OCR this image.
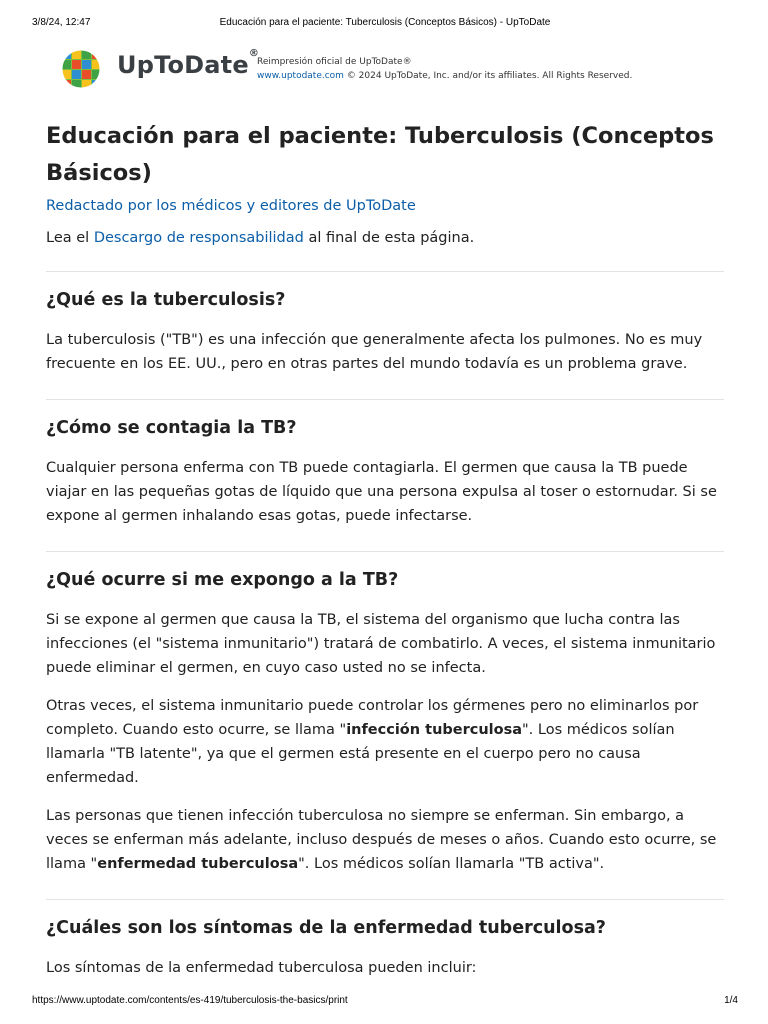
3/8/24, 12:47	Educación para el paciente: Tuberculosis (Conceptos Básicos) - UpToDate
UpToDate®
Reimpresión oficial de UpToDate®
www.uptodate.com © 2024 UpToDate, Inc. and/or its affiliates. All Rights Reserved.
Educación para el paciente: Tuberculosis (Conceptos Básicos)
Redactado por los médicos y editores de UpToDate
Lea el Descargo de responsabilidad al final de esta página.
¿Qué es la tuberculosis?

La tuberculosis ("TB") es una infección que generalmente afecta los pulmones. No es muy frecuente en los EE. UU., pero en otras partes del mundo todavía es un problema grave.

¿Cómo se contagia la TB?

Cualquier persona enferma con TB puede contagiarla. El germen que causa la TB puede viajar en las pequeñas gotas de líquido que una persona expulsa al toser o estornudar. Si se expone al germen inhalando esas gotas, puede infectarse.

¿Qué ocurre si me expongo a la TB?

Si se expone al germen que causa la TB, el sistema del organismo que lucha contra las infecciones (el "sistema inmunitario") tratará de combatirlo. A veces, el sistema inmunitario puede eliminar el germen, en cuyo caso usted no se infecta.

Otras veces, el sistema inmunitario puede controlar los gérmenes pero no eliminarlos por completo. Cuando esto ocurre, se llama "infección tuberculosa". Los médicos solían llamarla "TB latente", ya que el germen está presente en el cuerpo pero no causa enfermedad.

Las personas que tienen infección tuberculosa no siempre se enferman. Sin embargo, a veces se enferman más adelante, incluso después de meses o años. Cuando esto ocurre, se llama "enfermedad tuberculosa". Los médicos solían llamarla "TB activa".

¿Cuáles son los síntomas de la enfermedad tuberculosa?

Los síntomas de la enfermedad tuberculosa pueden incluir:

https://www.uptodate.com/contents/es-419/tuberculosis-the-basics/print	1/4
